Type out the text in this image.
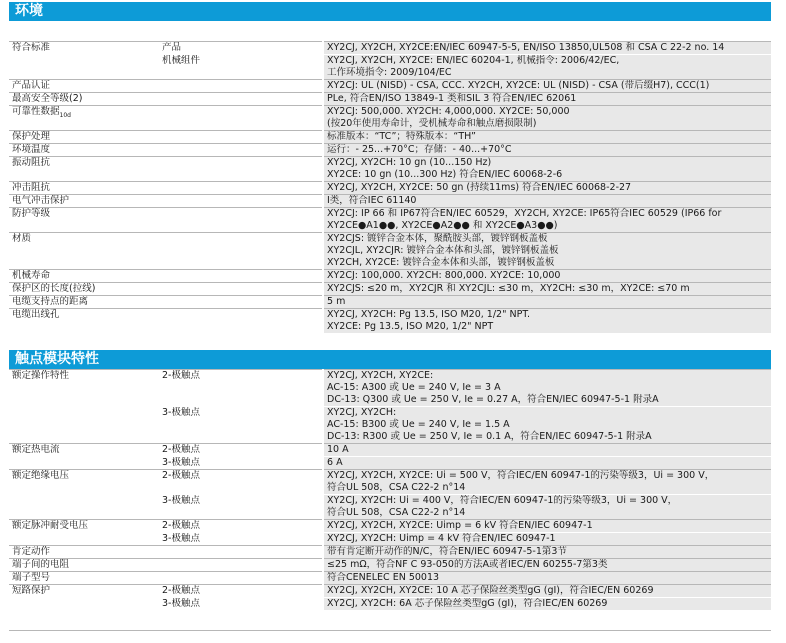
环境
符合标准	产品	XY2CJ, XY2CH, XY2CE:EN/IEC 60947-5-5, EN/ISO 13850,UL508 和 CSA C 22-2 no. 14

	机械组件	XY2CJ, XY2CH, XY2CE: EN/IEC 60204-1, 机械指令: 2006/42/EC,
工作环境指令: 2009/104/EC

产品认证		XY2CJ: UL (NISD) - CSA, CCC. XY2CH, XY2CE: UL (NISD) - CSA (带后缀H7), CCC(1)

最高安全等级(2)		PLe, 符合EN/ISO 13849-1 类和SIL 3 符合EN/IEC 62061

可靠性数据$_{10d}$		XY2CJ: 500,000. XY2CH: 4,000,000. XY2CE: 50,000
(按20年使用寿命计，受机械寿命和触点磨损限制)

保护处理		标准版本：“TC”；特殊版本：“TH”

环境温度		运行：- 25...+70°C；存储：- 40...+70°C

振动阻抗		XY2CJ, XY2CH: 10 gn (10...150 Hz)
XY2CE: 10 gn (10...300 Hz) 符合EN/IEC 60068-2-6

冲击阻抗		XY2CJ, XY2CH, XY2CE: 50 gn (持续11ms) 符合EN/IEC 60068-2-27

电气冲击保护		I类，符合IEC 61140

防护等级		XY2CJ: IP 66 和 IP67符合EN/IEC 60529，XY2CH, XY2CE: IP65符合IEC 60529 (IP66 for
XY2CE●A1●●, XY2CE●A2●● 和 XY2CE●A3●●)

材质		XY2CJS: 镀锌合金本体，聚酰胺头部，镀锌钢板盖板
XY2CJL, XY2CJR: 镀锌合金本体和头部，镀锌钢板盖板
XY2CH, XY2CE: 镀锌合金本体和头部，镀锌钢板盖板

机械寿命		XY2CJ: 100,000. XY2CH: 800,000. XY2CE: 10,000

保护区的长度(拉线)		XY2CJS: ≤20 m，XY2CJR 和 XY2CJL: ≤30 m，XY2CH: ≤30 m，XY2CE: ≤70 m

电缆支持点的距离		5 m

电缆出线孔		XY2CJ, XY2CH: Pg 13.5, ISO M20, 1/2" NPT.
XY2CE: Pg 13.5, ISO M20, 1/2" NPT
触点模块特性
额定操作特性	2-极触点	XY2CJ, XY2CH, XY2CE:
AC-15: A300 或 Ue = 240 V, Ie = 3 A
DC-13: Q300 或 Ue = 250 V, Ie = 0.27 A，符合EN/IEC 60947-5-1 附录A

	3-极触点	XY2CJ, XY2CH:
AC-15: B300 或 Ue = 240 V, Ie = 1.5 A
DC-13: R300 或 Ue = 250 V, Ie = 0.1 A，符合EN/IEC 60947-5-1 附录A

额定热电流	2-极触点	10 A

	3-极触点	6 A

额定绝缘电压	2-极触点	XY2CJ, XY2CH, XY2CE: Ui = 500 V，符合IEC/EN 60947-1的污染等级3，Ui = 300 V，
符合UL 508，CSA C22-2 n°14

	3-极触点	XY2CJ, XY2CH: Ui = 400 V，符合IEC/EN 60947-1的污染等级3，Ui = 300 V，
符合UL 508，CSA C22-2 n°14

额定脉冲耐受电压	2-极触点	XY2CJ, XY2CH, XY2CE: Uimp = 6 kV 符合EN/IEC 60947-1

	3-极触点	XY2CJ, XY2CH: Uimp = 4 kV 符合EN/IEC 60947-1

肯定动作		带有肯定断开动作的N/C，符合EN/IEC 60947-5-1第3节

端子间的电阻		≤25 mΩ，符合NF C 93-050的方法A或者IEC/EN 60255-7第3类

端子型号		符合CENELEC EN 50013

短路保护	2-极触点	XY2CJ, XY2CH, XY2CE: 10 A 芯子保险丝类型gG (gI)，符合IEC/EN 60269

	3-极触点	XY2CJ, XY2CH: 6A 芯子保险丝类型gG (gI)，符合IEC/EN 60269
